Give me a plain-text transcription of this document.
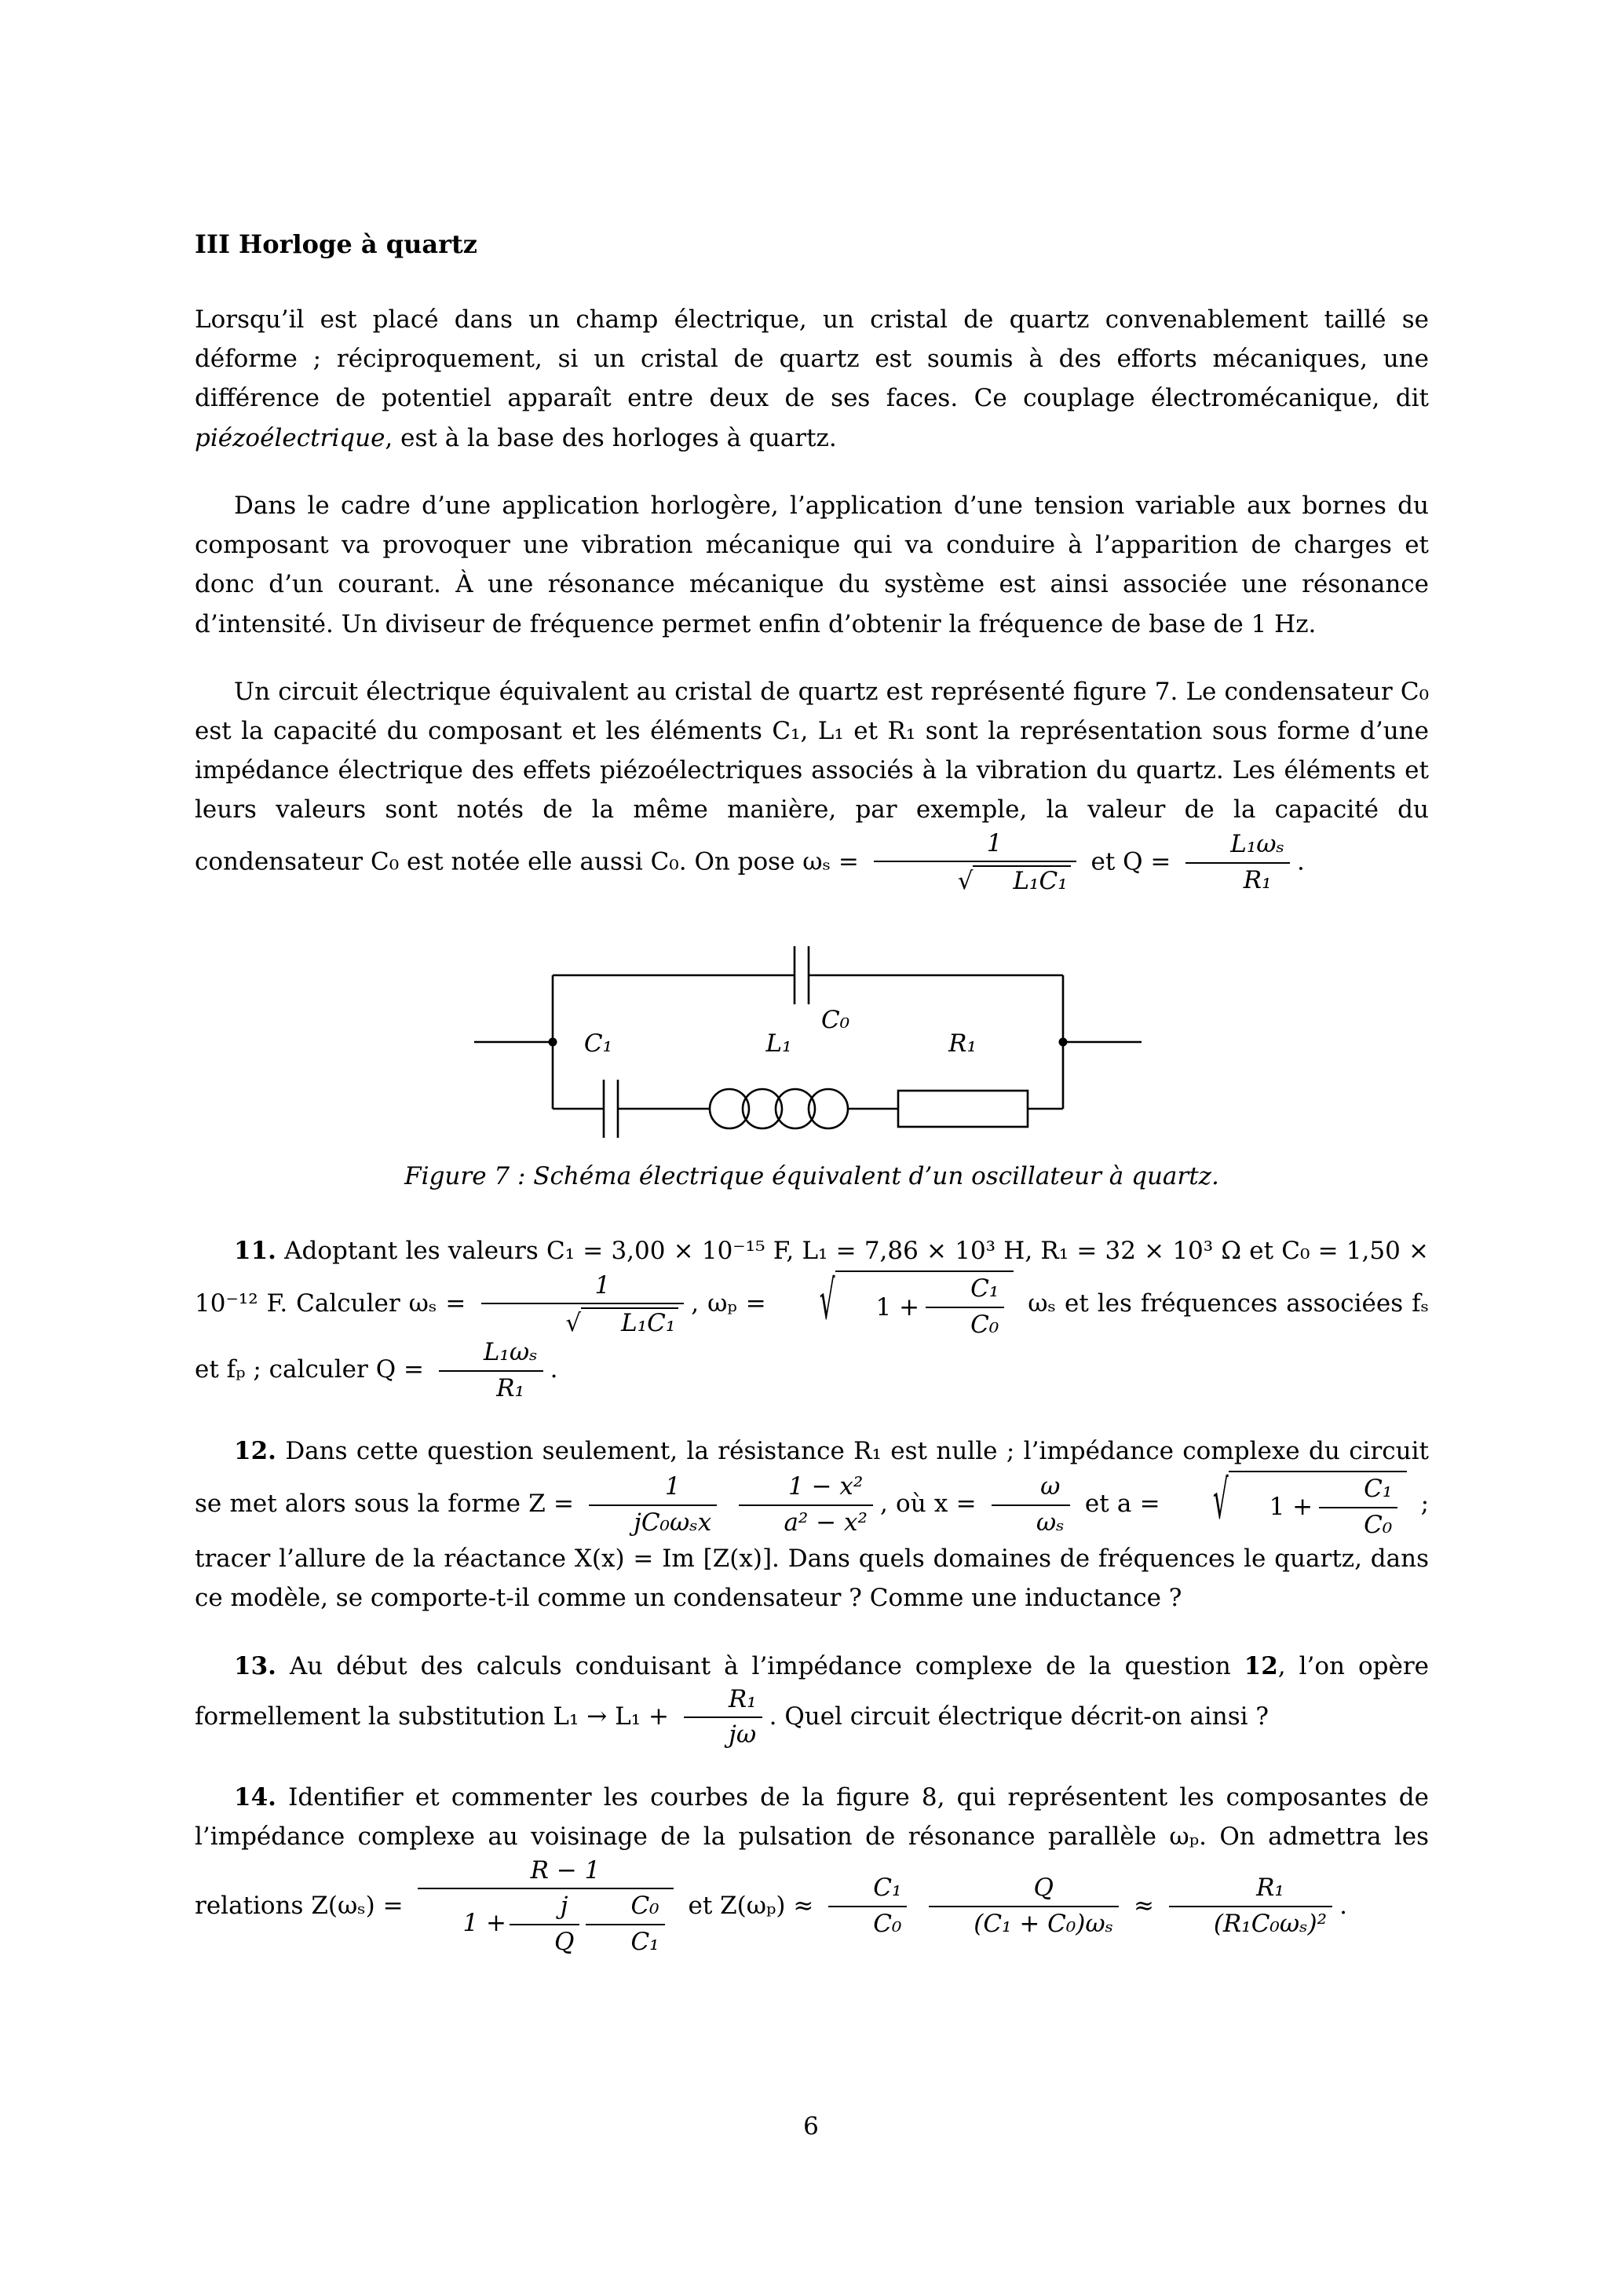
III Horloge à quartz

Lorsqu’il est placé dans un champ électrique, un cristal de quartz convenablement taillé se déforme ; réciproquement, si un cristal de quartz est soumis à des efforts mécaniques, une différence de potentiel apparaît entre deux de ses faces. Ce couplage électromécanique, dit piézoélectrique, est à la base des horloges à quartz.

Dans le cadre d’une application horlogère, l’application d’une tension variable aux bornes du composant va provoquer une vibration mécanique qui va conduire à l’apparition de charges et donc d’un courant. À une résonance mécanique du système est ainsi associée une résonance d’intensité. Un diviseur de fréquence permet enfin d’obtenir la fréquence de base de 1 Hz.

Un circuit électrique équivalent au cristal de quartz est représenté figure 7. Le condensateur C₀ est la capacité du composant et les éléments C₁, L₁ et R₁ sont la représentation sous forme d’une impédance électrique des effets piézoélectriques associés à la vibration du quartz. Les éléments et leurs valeurs sont notés de la même manière, par exemple, la valeur de la capacité du condensateur C₀ est notée elle aussi C₀. On pose $\omega_s = \frac{1}{\text{√ L₁C₁}}$ et $Q = \frac{\text{L₁ωₛ}}{\text{R₁}}$ .

C₀
C₁	L₁	R₁
Figure 7 : Schéma électrique équivalent d’un oscillateur à quartz.

11. Adoptant les valeurs C₁ = 3,00 × 10⁻¹⁵ F, L₁ = 7,86 × 10³ H, R₁ = 32 × 10³ Ω et C₀ = 1,50 × 10⁻¹² F. Calculer $\omega_s = \frac{1}{\text{√ L₁C₁}}$ , ωₚ =	√	$1 + \frac{\text{C₁}}{\text{C₀}}$ ωₛ et les fréquences associées fₛ et fₚ ; calculer $Q = \frac{\text{L₁ωₛ}}{\text{R₁}}$ .

12. Dans cette question seulement, la résistance R₁ est nulle ; l’impédance complexe du circuit se met alors sous la forme $Z = \frac{1}{\text{jC₀ωₛx}}$
$\frac{\text{1 − x²}}{\text{a² − x²}}$ , où $x = \frac{\omega}{\text{ωₛ}}$ et a =	√	$1 + \frac{\text{C₁}}{\text{C₀}}$ ; tracer l’allure de la réactance X(x) = Im [Z(x)]. Dans quels domaines de fréquences le quartz, dans ce modèle, se comporte-t-il comme un condensateur ? Comme une inductance ?

13. Au début des calculs conduisant à l’impédance complexe de la question 12, l’on opère formellement la substitution $L_1 \to L_1 + \frac{\text{R₁}}{j\omega}$ . Quel circuit électrique décrit-on ainsi ?

14. Identifier et commenter les courbes de la figure 8, qui représentent les composantes de l’impédance complexe au voisinage de la pulsation de résonance parallèle ωₚ. On admettra les relations $Z(\omega_s) = \frac{R - 1}{1 + \frac{j}{Q} \frac{\text{C₀}}{\text{C₁}}}$ et $Z(\omega_p) \approx \frac{\text{C₁}}{\text{C₀}}$
$\frac{Q}{\text{(C₁ + C₀)ωₛ}} \approx \frac{\text{R₁}}{\text{(R₁C₀ωₛ)²}}$ .

6
